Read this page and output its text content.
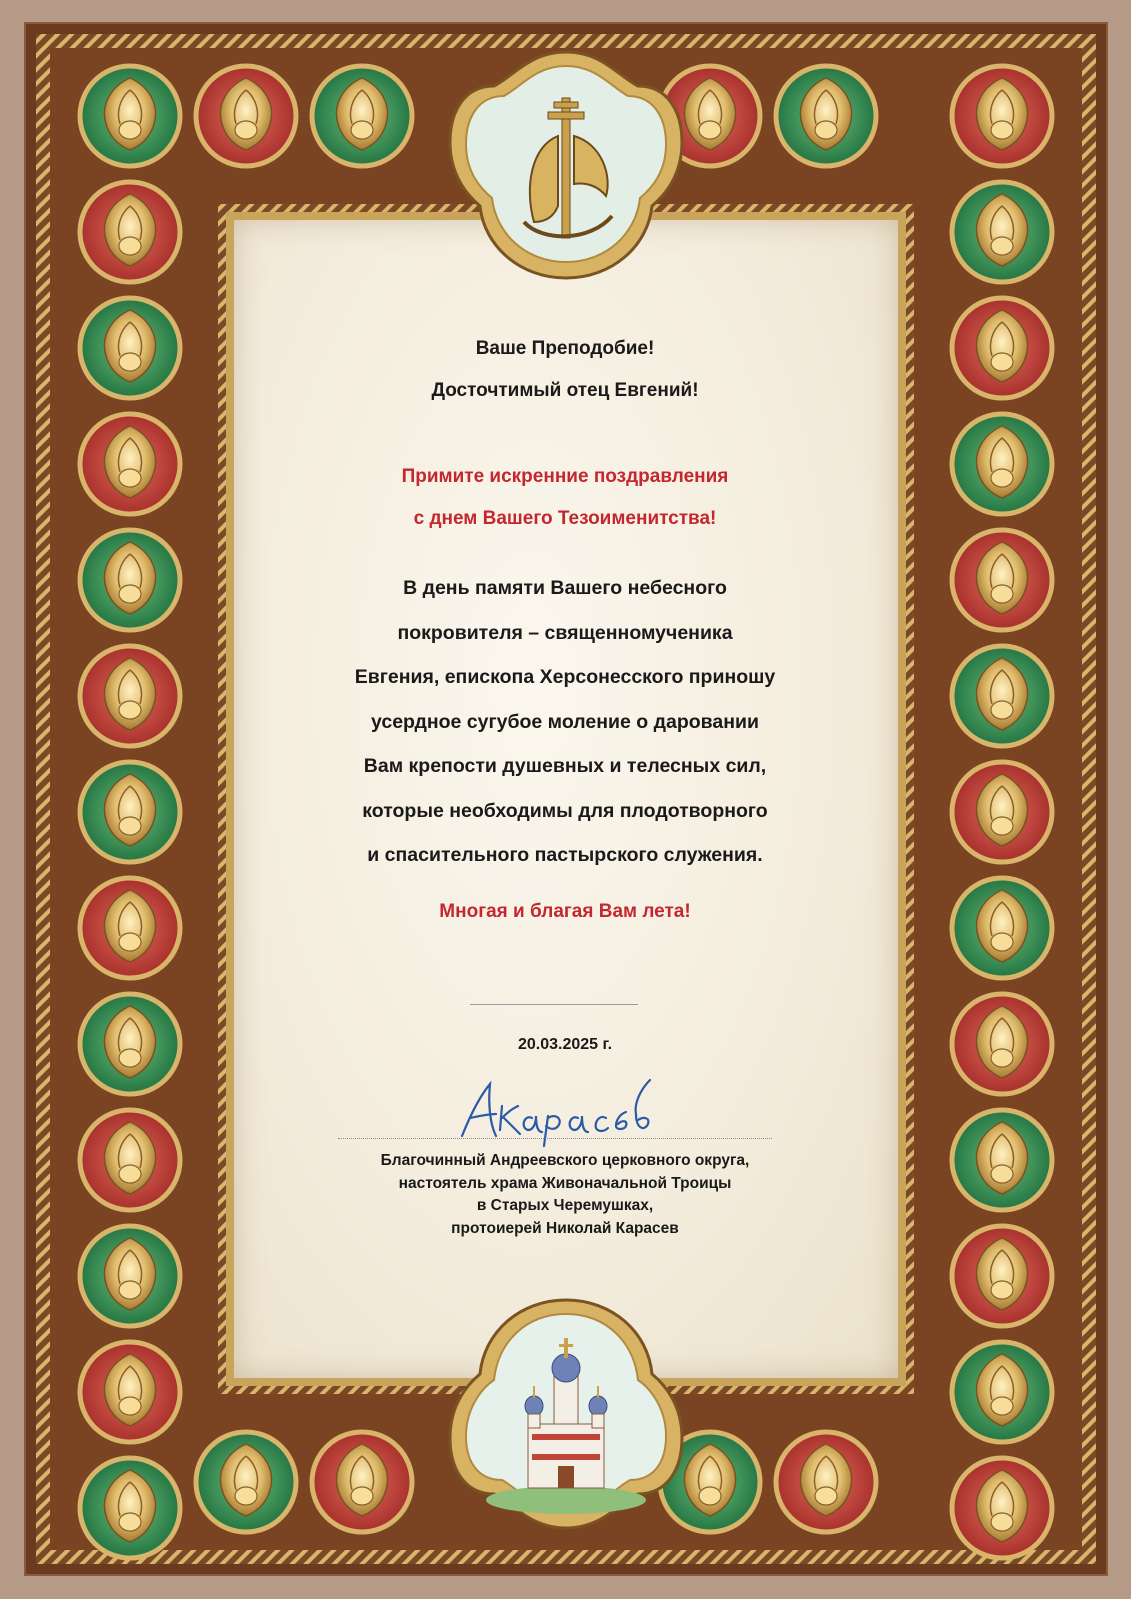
Ваше Преподобие!
Досточтимый отец Евгений!
Примите искренние поздравления
с днем Вашего Тезоименитства!
В день памяти Вашего небесного
покровителя – священномученика
Евгения, епископа Херсонесского приношу
усердное сугубое моление о даровании
Вам крепости душевных и телесных сил,
которые необходимы для плодотворного
и спасительного пастырского служения.
Многая и благая Вам лета!
20.03.2025 г.
Благочинный Андреевского церковного округа,
настоятель храма Живоначальной Троицы
в Старых Черемушках,
протоиерей Николай Карасев
